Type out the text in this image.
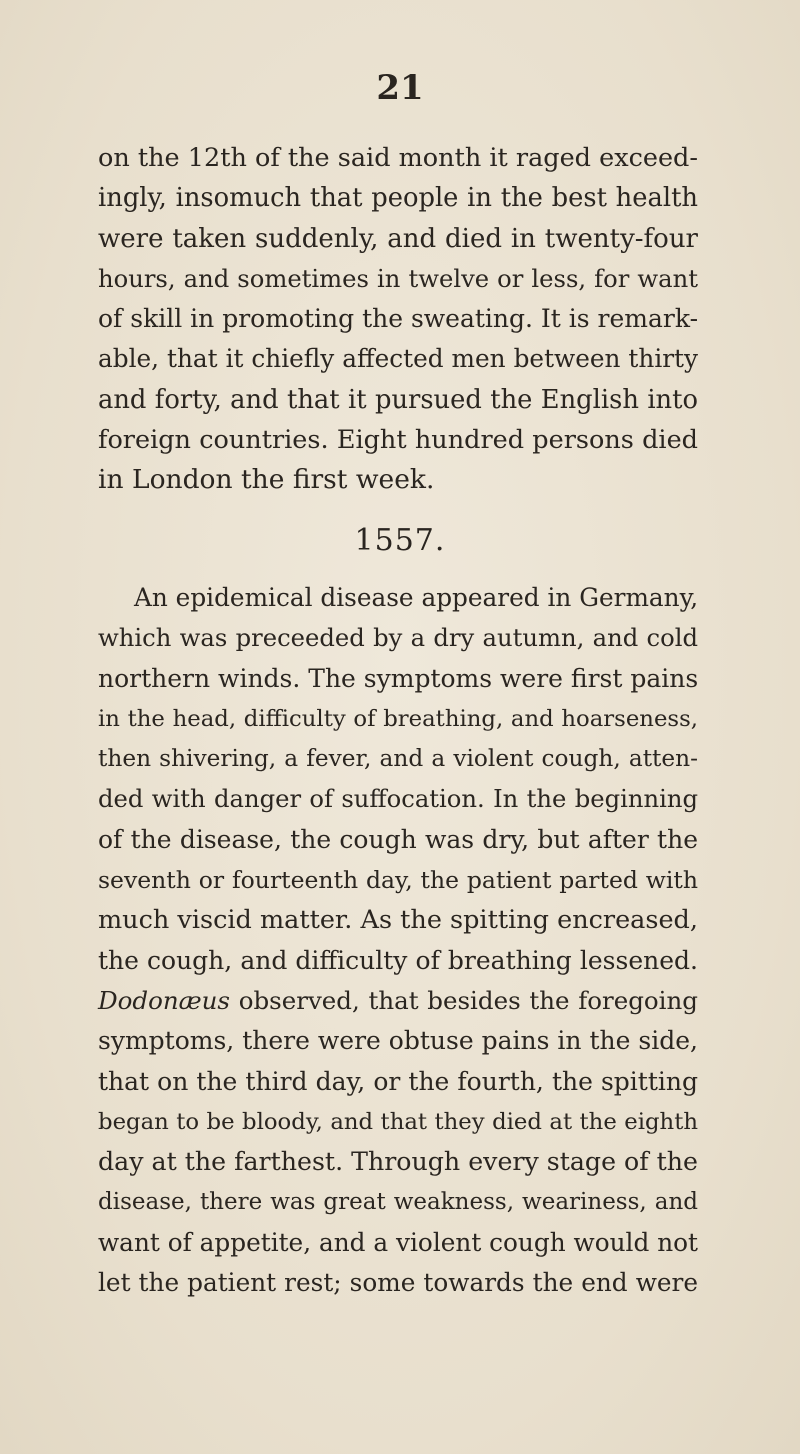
21
on the 12th of the said month it raged exceed-
ingly, insomuch that people in the best health
were taken suddenly, and died in twenty-four
hours, and sometimes in twelve or less, for want
of skill in promoting the sweating. It is remark-
able, that it chiefly affected men between thirty
and forty, and that it pursued the English into
foreign countries. Eight hundred persons died
in London the first week.
1557.
An epidemical disease appeared in Germany,
which was preceeded by a dry autumn, and cold
northern winds. The symptoms were first pains
in the head, difficulty of breathing, and hoarseness,
then shivering, a fever, and a violent cough, atten-
ded with danger of suffocation. In the beginning
of the disease, the cough was dry, but after the
seventh or fourteenth day, the patient parted with
much viscid matter. As the spitting encreased,
the cough, and difficulty of breathing lessened.
Dodonæus observed, that besides the foregoing
symptoms, there were obtuse pains in the side,
that on the third day, or the fourth, the spitting
began to be bloody, and that they died at the eighth
day at the farthest. Through every stage of the
disease, there was great weakness, weariness, and
want of appetite, and a violent cough would not
let the patient rest; some towards the end were
